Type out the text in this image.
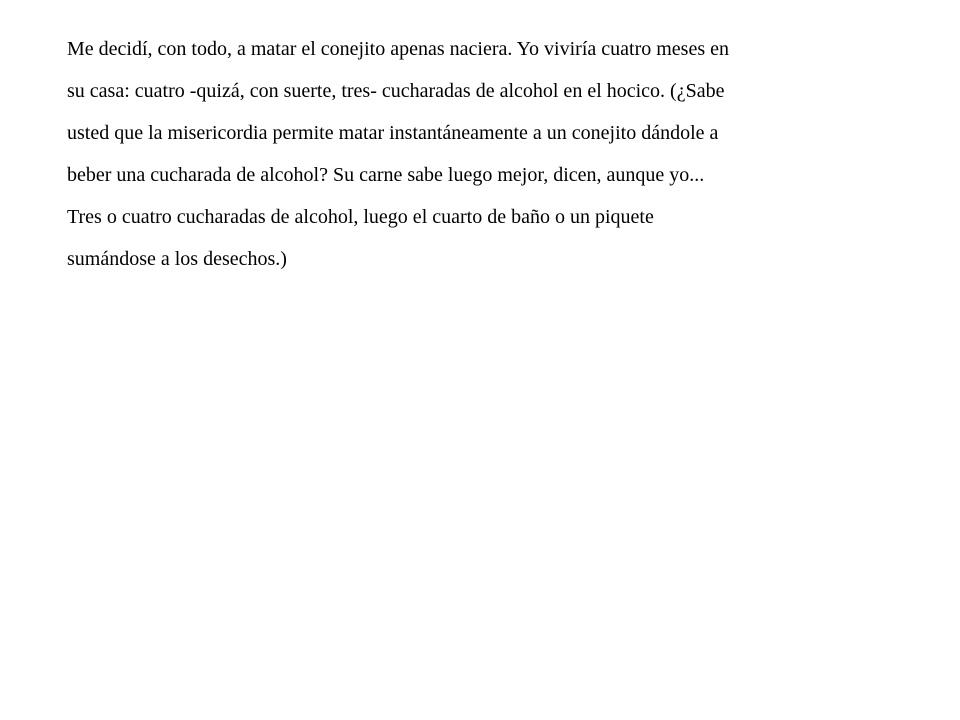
Me decidí, con todo, a matar el conejito apenas naciera. Yo viviría cuatro meses en
su casa: cuatro -quizá, con suerte, tres- cucharadas de alcohol en el hocico. (¿Sabe
usted que la misericordia permite matar instantáneamente a un conejito dándole a
beber una cucharada de alcohol? Su carne sabe luego mejor, dicen, aunque yo...
Tres o cuatro cucharadas de alcohol, luego el cuarto de baño o un piquete
sumándose a los desechos.)
